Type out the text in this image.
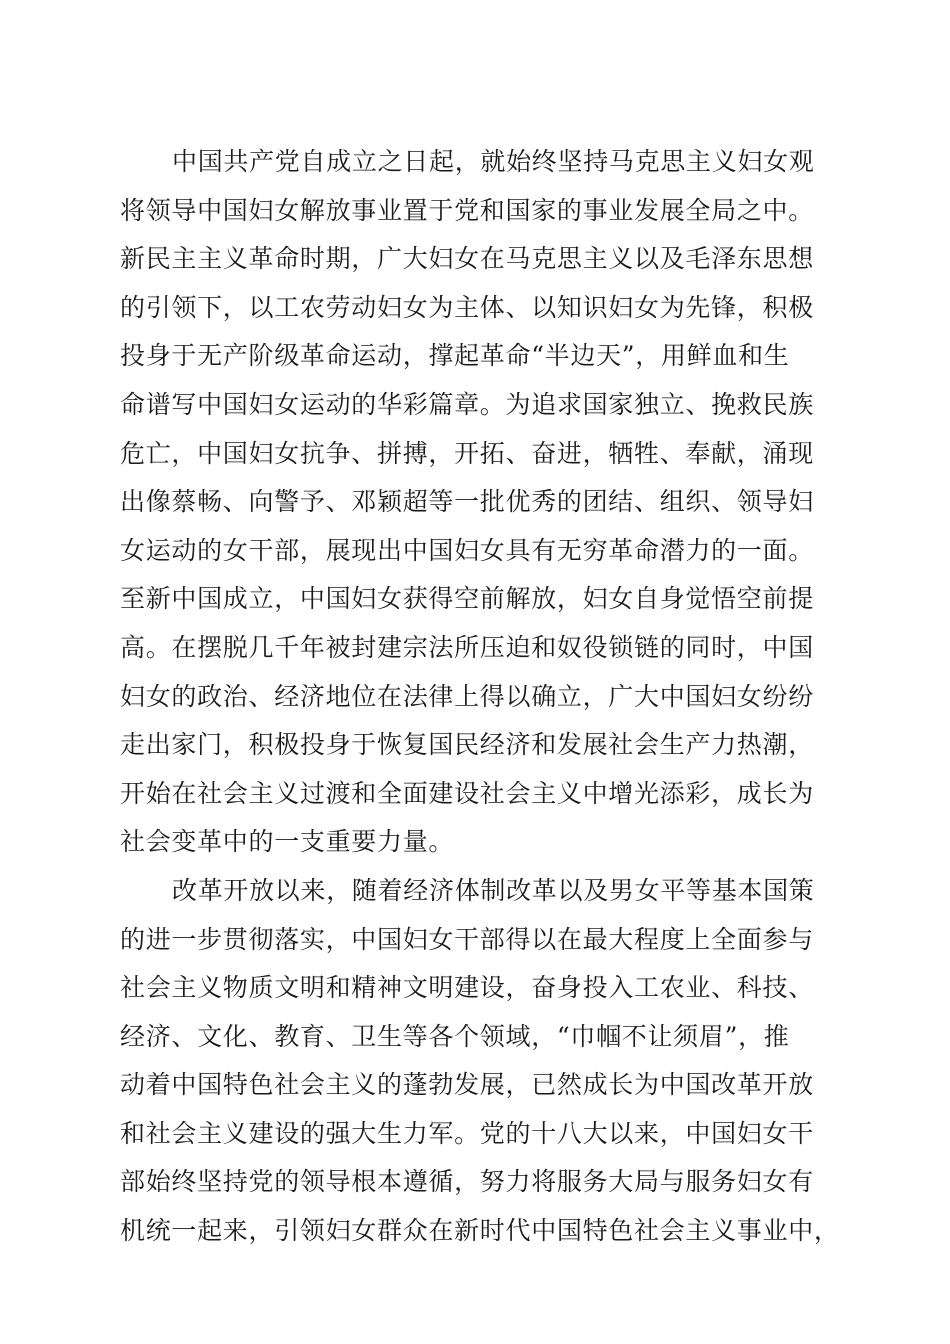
中国共产党自成立之日起，就始终坚持马克思主义妇女观
将领导中国妇女解放事业置于党和国家的事业发展全局之中。
新民主主义革命时期，广大妇女在马克思主义以及毛泽东思想
的引领下，以工农劳动妇女为主体、以知识妇女为先锋，积极
投身于无产阶级革命运动，撑起革命“半边天”，用鲜血和生
命谱写中国妇女运动的华彩篇章。为追求国家独立、挽救民族
危亡，中国妇女抗争、拼搏，开拓、奋进，牺牲、奉献，涌现
出像蔡畅、向警予、邓颖超等一批优秀的团结、组织、领导妇
女运动的女干部，展现出中国妇女具有无穷革命潜力的一面。
至新中国成立，中国妇女获得空前解放，妇女自身觉悟空前提
高。在摆脱几千年被封建宗法所压迫和奴役锁链的同时，中国
妇女的政治、经济地位在法律上得以确立，广大中国妇女纷纷
走出家门，积极投身于恢复国民经济和发展社会生产力热潮，
开始在社会主义过渡和全面建设社会主义中增光添彩，成长为
社会变革中的一支重要力量。
改革开放以来，随着经济体制改革以及男女平等基本国策
的进一步贯彻落实，中国妇女干部得以在最大程度上全面参与
社会主义物质文明和精神文明建设，奋身投入工农业、科技、
经济、文化、教育、卫生等各个领域，“巾帼不让须眉”，推
动着中国特色社会主义的蓬勃发展，已然成长为中国改革开放
和社会主义建设的强大生力军。党的十八大以来，中国妇女干
部始终坚持党的领导根本遵循，努力将服务大局与服务妇女有
机统一起来，引领妇女群众在新时代中国特色社会主义事业中，
